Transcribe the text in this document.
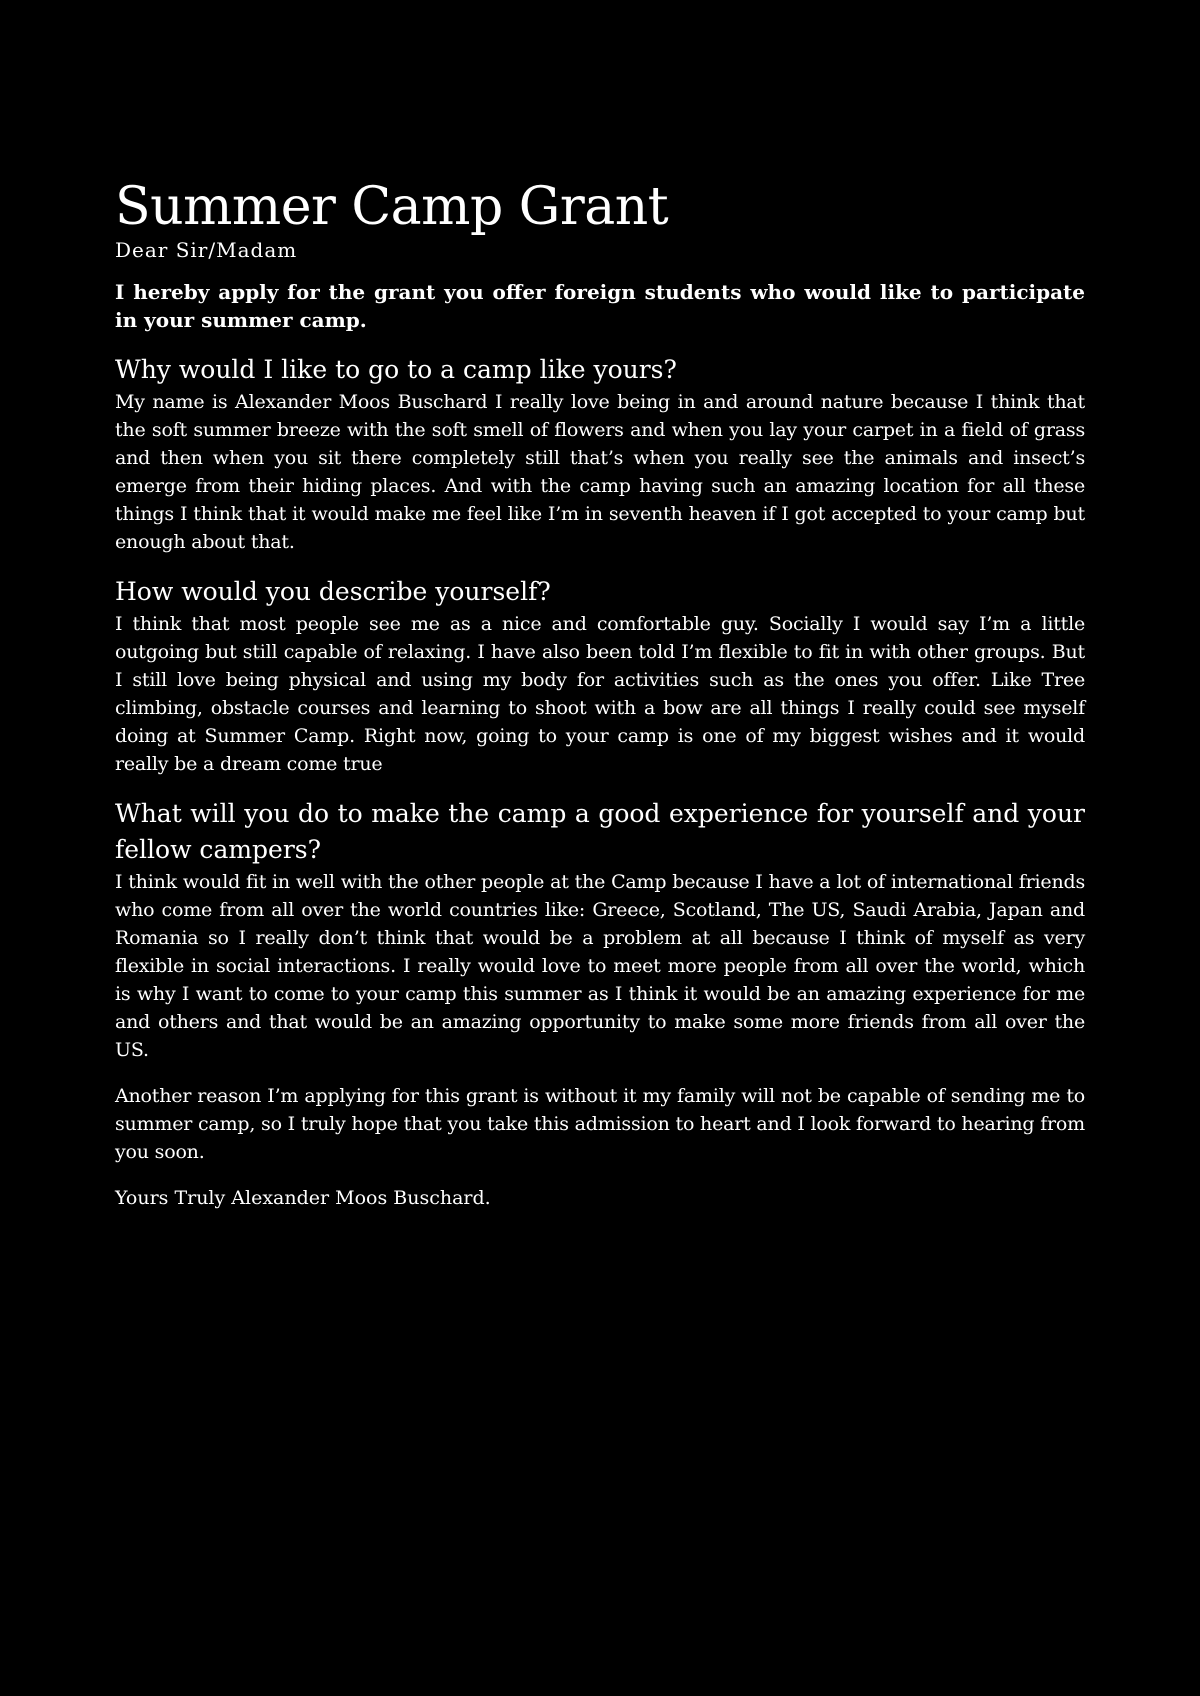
Summer Camp Grant

Dear Sir/Madam

I hereby apply for the grant you offer foreign students who would like to participate in your summer camp.

Why would I like to go to a camp like yours?

My name is Alexander Moos Buschard I really love being in and around nature because I think that the soft summer breeze with the soft smell of flowers and when you lay your carpet in a field of grass and then when you sit there completely still that’s when you really see the animals and insect’s emerge from their hiding places. And with the camp having such an amazing location for all these things I think that it would make me feel like I’m in seventh heaven if I got accepted to your camp but enough about that.

How would you describe yourself?

I think that most people see me as a nice and comfortable guy. Socially I would say I’m a little outgoing but still capable of relaxing. I have also been told I’m flexible to fit in with other groups. But I still love being physical and using my body for activities such as the ones you offer. Like Tree climbing, obstacle courses and learning to shoot with a bow are all things I really could see myself doing at Summer Camp. Right now, going to your camp is one of my biggest wishes and it would really be a dream come true

What will you do to make the camp a good experience for yourself and your fellow campers?

I think would fit in well with the other people at the Camp because I have a lot of international friends who come from all over the world countries like: Greece, Scotland, The US, Saudi Arabia, Japan and Romania so I really don’t think that would be a problem at all because I think of myself as very flexible in social interactions. I really would love to meet more people from all over the world, which is why I want to come to your camp this summer as I think it would be an amazing experience for me and others and that would be an amazing opportunity to make some more friends from all over the US.

Another reason I’m applying for this grant is without it my family will not be capable of sending me to summer camp, so I truly hope that you take this admission to heart and I look forward to hearing from you soon.

Yours Truly Alexander Moos Buschard.
